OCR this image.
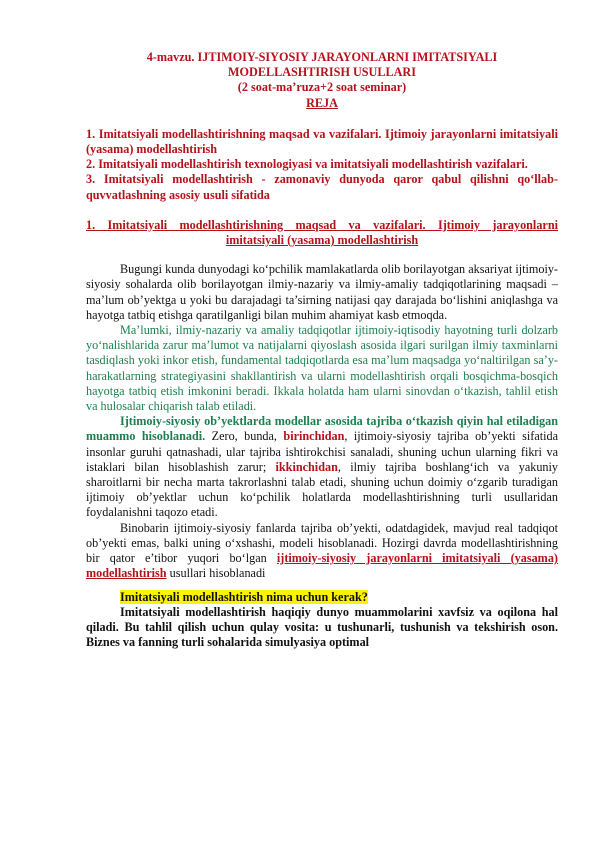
4-mavzu. IJTIMOIY-SIYOSIY JARAYONLARNI IMITATSIYALI
MODELLASHTIRISH USULLARI
(2 soat-ma’ruza+2 soat seminar)
REJA

1. Imitatsiyali modellashtirishning maqsad va vazifalari. Ijtimoiy jarayonlarni imitatsiyali (yasama) modellashtirish

2. Imitatsiyali modellashtirish texnologiyasi va imitatsiyali modellashtirish vazifalari.

3. Imitatsiyali modellashtirish - zamonaviy dunyoda qaror qabul qilishni qo‘llab-quvvatlashning asosiy usuli sifatida

1. Imitatsiyali modellashtirishning maqsad va vazifalari. Ijtimoiy jarayonlarni
imitatsiyali (yasama) modellashtirish

Bugungi kunda dunyodagi ko‘pchilik mamlakatlarda olib borilayotgan aksariyat ijtimoiy-siyosiy sohalarda olib borilayotgan ilmiy-nazariy va ilmiy-amaliy tadqiqotlarining maqsadi – ma’lum ob’yektga u yoki bu darajadagi ta’sirning natijasi qay darajada bo‘lishini aniqlashga va hayotga tatbiq etishga qaratilganligi bilan muhim ahamiyat kasb etmoqda.

Ma’lumki, ilmiy-nazariy va amaliy tadqiqotlar ijtimoiy-iqtisodiy hayotning turli dolzarb yo‘nalishlarida zarur ma’lumot va natijalarni qiyoslash asosida ilgari surilgan ilmiy taxminlarni tasdiqlash yoki inkor etish, fundamental tadqiqotlarda esa ma’lum maqsadga yo‘naltirilgan sa’y-harakatlarning strategiyasini shakllantirish va ularni modellashtirish orqali bosqichma-bosqich hayotga tatbiq etish imkonini beradi. Ikkala holatda ham ularni sinovdan o‘tkazish, tahlil etish va hulosalar chiqarish talab etiladi.

Ijtimoiy-siyosiy ob’yektlarda modellar asosida tajriba o‘tkazish qiyin hal etiladigan muammo hisoblanadi. Zero, bunda, birinchidan, ijtimoiy-siyosiy tajriba ob’yekti sifatida insonlar guruhi qatnashadi, ular tajriba ishtirokchisi sanaladi, shuning uchun ularning fikri va istaklari bilan hisoblashish zarur; ikkinchidan, ilmiy tajriba boshlang‘ich va yakuniy sharoitlarni bir necha marta takrorlashni talab etadi, shuning uchun doimiy o‘zgarib turadigan ijtimoiy ob’yektlar uchun ko‘pchilik holatlarda modellashtirishning turli usullaridan foydalanishni taqozo etadi.

Binobarin ijtimoiy-siyosiy fanlarda tajriba ob’yekti, odatdagidek, mavjud real tadqiqot ob’yekti emas, balki uning o‘xshashi, modeli hisoblanadi. Hozirgi davrda modellashtirishning bir qator e’tibor yuqori bo‘lgan ijtimoiy-siyosiy jarayonlarni imitatsiyali (yasama) modellashtirish usullari hisoblanadi

Imitatsiyali modellashtirish nima uchun kerak?

Imitatsiyali modellashtirish haqiqiy dunyo muammolarini xavfsiz va oqilona hal qiladi. Bu tahlil qilish uchun qulay vosita: u tushunarli, tushunish va tekshirish oson. Biznes va fanning turli sohalarida simulyasiya optimal
